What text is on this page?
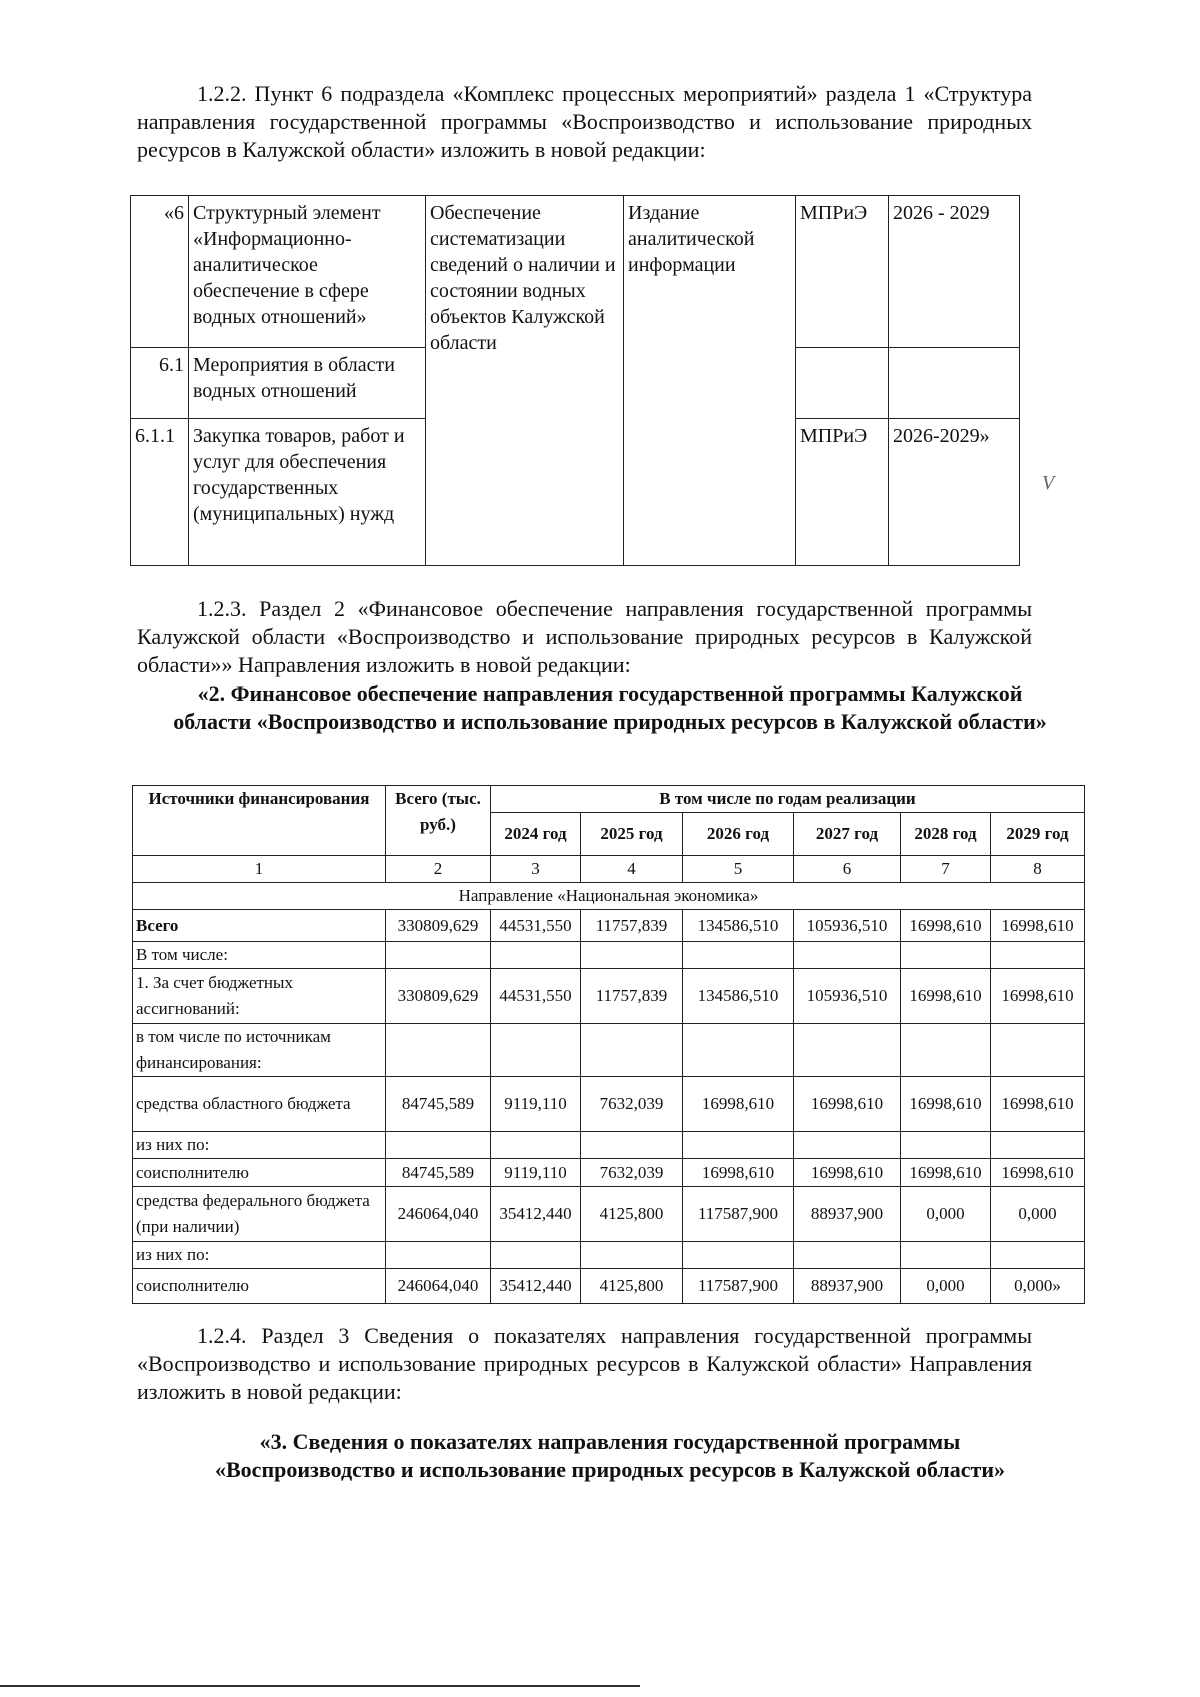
1.2.2. Пункт 6 подраздела «Комплекс процессных мероприятий» раздела 1 «Структура направления государственной программы «Воспроизводство и использование природных ресурсов в Калужской области» изложить в новой редакции:
«6	Структурный элемент «Информационно-аналитическое обеспечение в сфере водных отношений»	Обеспечение систематизации сведений о наличии и состоянии водных объектов Калужской области	Издание аналитической информации	МПРиЭ	2026 - 2029
6.1	Мероприятия в области водных отношений				
6.1.1	Закупка товаров, работ и услуг для обеспечения государственных (муниципальных) нужд			МПРиЭ	2026-2029»
V
1.2.3. Раздел 2 «Финансовое обеспечение направления государственной программы Калужской области «Воспроизводство и использование природных ресурсов в Калужской области»» Направления изложить в новой редакции:
«2. Финансовое обеспечение направления государственной программы Калужской области «Воспроизводство и использование природных ресурсов в Калужской области»
Источники финансирования	Всего (тыс. руб.)	В том числе по годам реализации					
		2024 год	2025 год	2026 год	2027 год	2028 год	2029 год
1	2	3	4	5	6	7	8
Направление «Национальная экономика»							
Всего	330809,629	44531,550	11757,839	134586,510	105936,510	16998,610	16998,610
В том числе:							
1. За счет бюджетных ассигнований:	330809,629	44531,550	11757,839	134586,510	105936,510	16998,610	16998,610
в том числе по источникам финансирования:							
средства областного бюджета	84745,589	9119,110	7632,039	16998,610	16998,610	16998,610	16998,610
из них по:							
соисполнителю	84745,589	9119,110	7632,039	16998,610	16998,610	16998,610	16998,610
средства федерального бюджета (при наличии)	246064,040	35412,440	4125,800	117587,900	88937,900	0,000	0,000
из них по:							
соисполнителю	246064,040	35412,440	4125,800	117587,900	88937,900	0,000	0,000»
1.2.4. Раздел 3 Сведения о показателях направления государственной программы «Воспроизводство и использование природных ресурсов в Калужской области» Направления изложить в новой редакции:
«3. Сведения о показателях направления государственной программы «Воспроизводство и использование природных ресурсов в Калужской области»
